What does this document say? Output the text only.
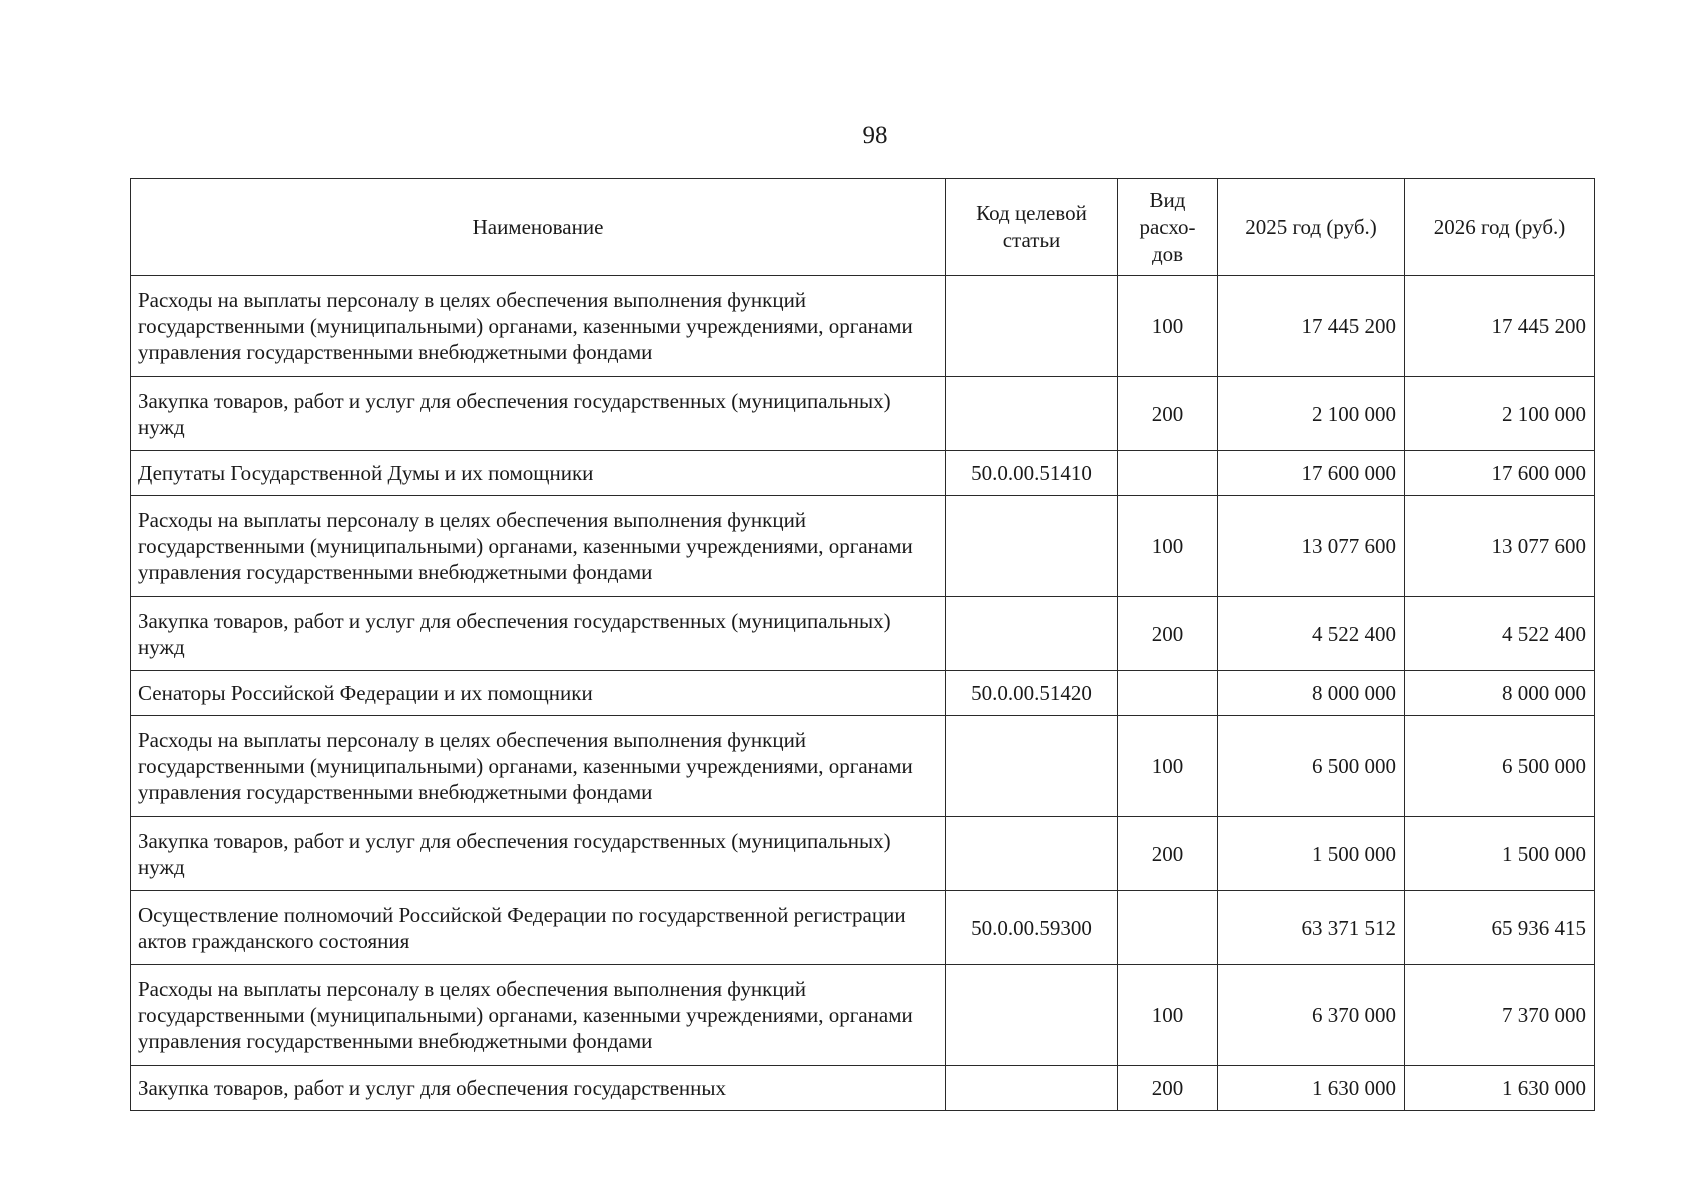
98
Наименование	Код целевой статьи	Вид расхо-дов	2025 год (руб.)	2026 год (руб.)
Расходы на выплаты персоналу в целях обеспечения выполнения функций государственными (муниципальными) органами, казенными учреждениями, органами управления государственными внебюджетными фондами		100	17 445 200	17 445 200
Закупка товаров, работ и услуг для обеспечения государственных (муниципальных) нужд		200	2 100 000	2 100 000
Депутаты Государственной Думы и их помощники	50.0.00.51410		17 600 000	17 600 000
Расходы на выплаты персоналу в целях обеспечения выполнения функций государственными (муниципальными) органами, казенными учреждениями, органами управления государственными внебюджетными фондами		100	13 077 600	13 077 600
Закупка товаров, работ и услуг для обеспечения государственных (муниципальных) нужд		200	4 522 400	4 522 400
Сенаторы Российской Федерации и их помощники	50.0.00.51420		8 000 000	8 000 000
Расходы на выплаты персоналу в целях обеспечения выполнения функций государственными (муниципальными) органами, казенными учреждениями, органами управления государственными внебюджетными фондами		100	6 500 000	6 500 000
Закупка товаров, работ и услуг для обеспечения государственных (муниципальных) нужд		200	1 500 000	1 500 000
Осуществление полномочий Российской Федерации по государственной регистрации актов гражданского состояния	50.0.00.59300		63 371 512	65 936 415
Расходы на выплаты персоналу в целях обеспечения выполнения функций государственными (муниципальными) органами, казенными учреждениями, органами управления государственными внебюджетными фондами		100	6 370 000	7 370 000
Закупка товаров, работ и услуг для обеспечения государственных		200	1 630 000	1 630 000
